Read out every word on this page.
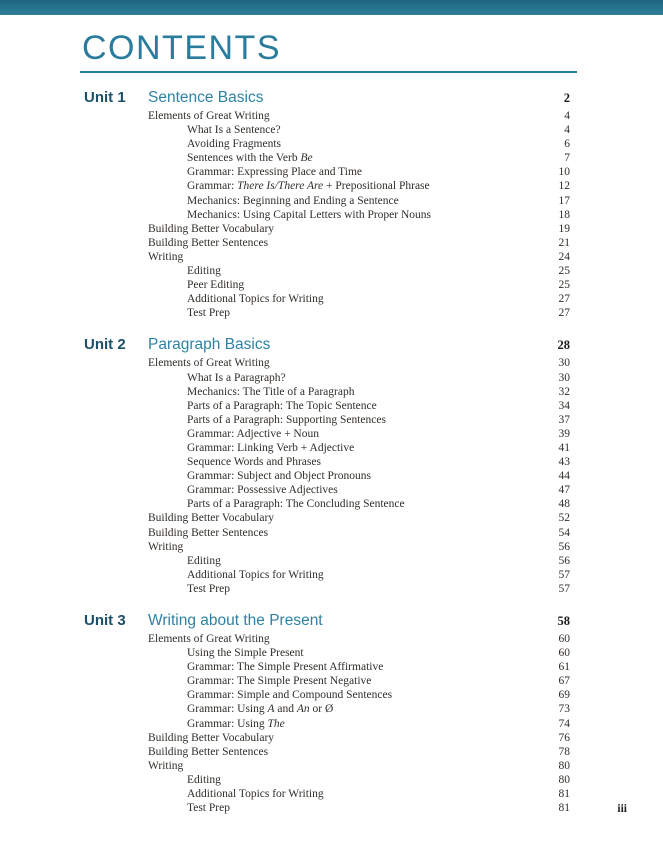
CONTENTS
Unit 1	Sentence Basics	2
Elements of Great Writing	4
What Is a Sentence?	4
Avoiding Fragments	6
Sentences with the Verb Be	7
Grammar: Expressing Place and Time	10
Grammar: There Is/There Are + Prepositional Phrase	12
Mechanics: Beginning and Ending a Sentence	17
Mechanics: Using Capital Letters with Proper Nouns	18
Building Better Vocabulary	19
Building Better Sentences	21
Writing	24
Editing	25
Peer Editing	25
Additional Topics for Writing	27
Test Prep	27
Unit 2	Paragraph Basics	28
Elements of Great Writing	30
What Is a Paragraph?	30
Mechanics: The Title of a Paragraph	32
Parts of a Paragraph: The Topic Sentence	34
Parts of a Paragraph: Supporting Sentences	37
Grammar: Adjective + Noun	39
Grammar: Linking Verb + Adjective	41
Sequence Words and Phrases	43
Grammar: Subject and Object Pronouns	44
Grammar: Possessive Adjectives	47
Parts of a Paragraph: The Concluding Sentence	48
Building Better Vocabulary	52
Building Better Sentences	54
Writing	56
Editing	56
Additional Topics for Writing	57
Test Prep	57
Unit 3	Writing about the Present	58
Elements of Great Writing	60
Using the Simple Present	60
Grammar: The Simple Present Affirmative	61
Grammar: The Simple Present Negative	67
Grammar: Simple and Compound Sentences	69
Grammar: Using A and An or Ø	73
Grammar: Using The	74
Building Better Vocabulary	76
Building Better Sentences	78
Writing	80
Editing	80
Additional Topics for Writing	81
Test Prep	81	iii
